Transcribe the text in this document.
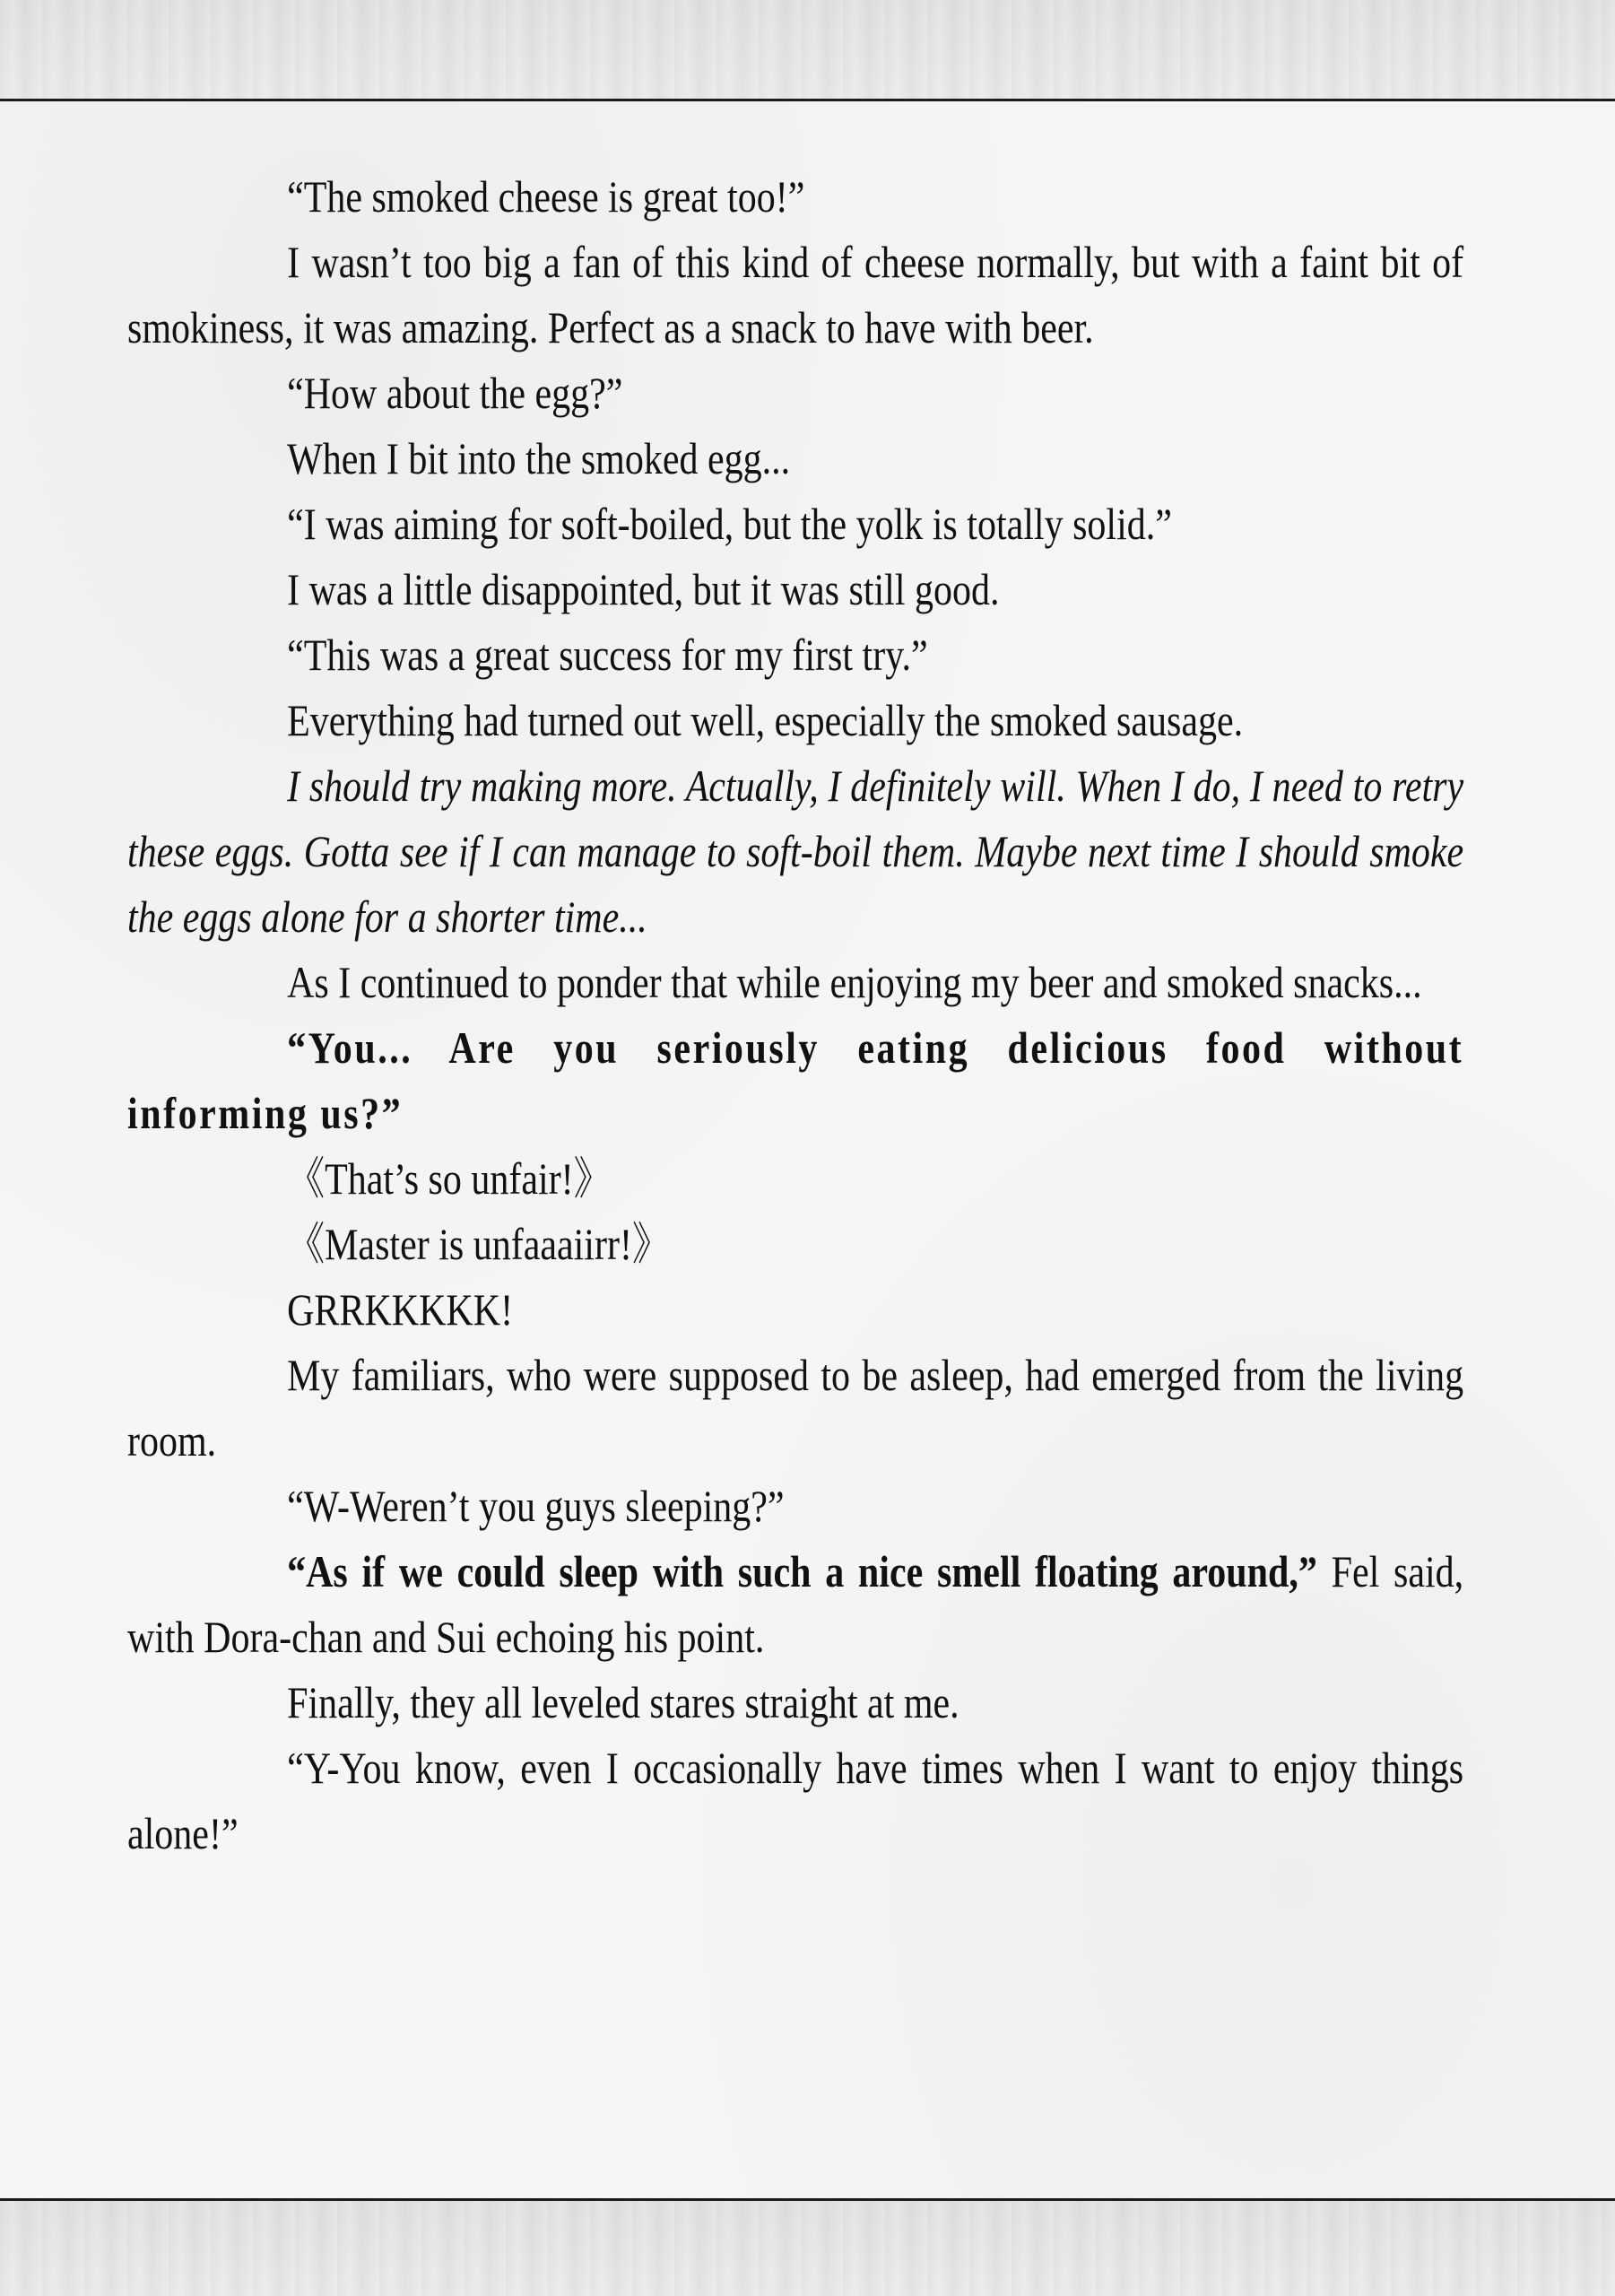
“The smoked cheese is great too!”

I wasn’t too big a fan of this kind of cheese normally, but with a faint bit of smokiness, it was amazing. Perfect as a snack to have with beer.

“How about the egg?”

When I bit into the smoked egg...

“I was aiming for soft-boiled, but the yolk is totally solid.”

I was a little disappointed, but it was still good.

“This was a great success for my first try.”

Everything had turned out well, especially the smoked sausage.

I should try making more. Actually, I definitely will. When I do, I need to retry these eggs. Gotta see if I can manage to soft-boil them. Maybe next time I should smoke the eggs alone for a shorter time...

As I continued to ponder that while enjoying my beer and smoked snacks...

“You... Are you seriously eating delicious food without informing us?”

《That’s so unfair!》

《Master is unfaaaiirr!》

GRRKKKKK!

My familiars, who were supposed to be asleep, had emerged from the living room.

“W-Weren’t you guys sleeping?”

“As if we could sleep with such a nice smell floating around,” Fel said, with Dora-chan and Sui echoing his point.

Finally, they all leveled stares straight at me.

“Y-You know, even I occasionally have times when I want to enjoy things alone!”
